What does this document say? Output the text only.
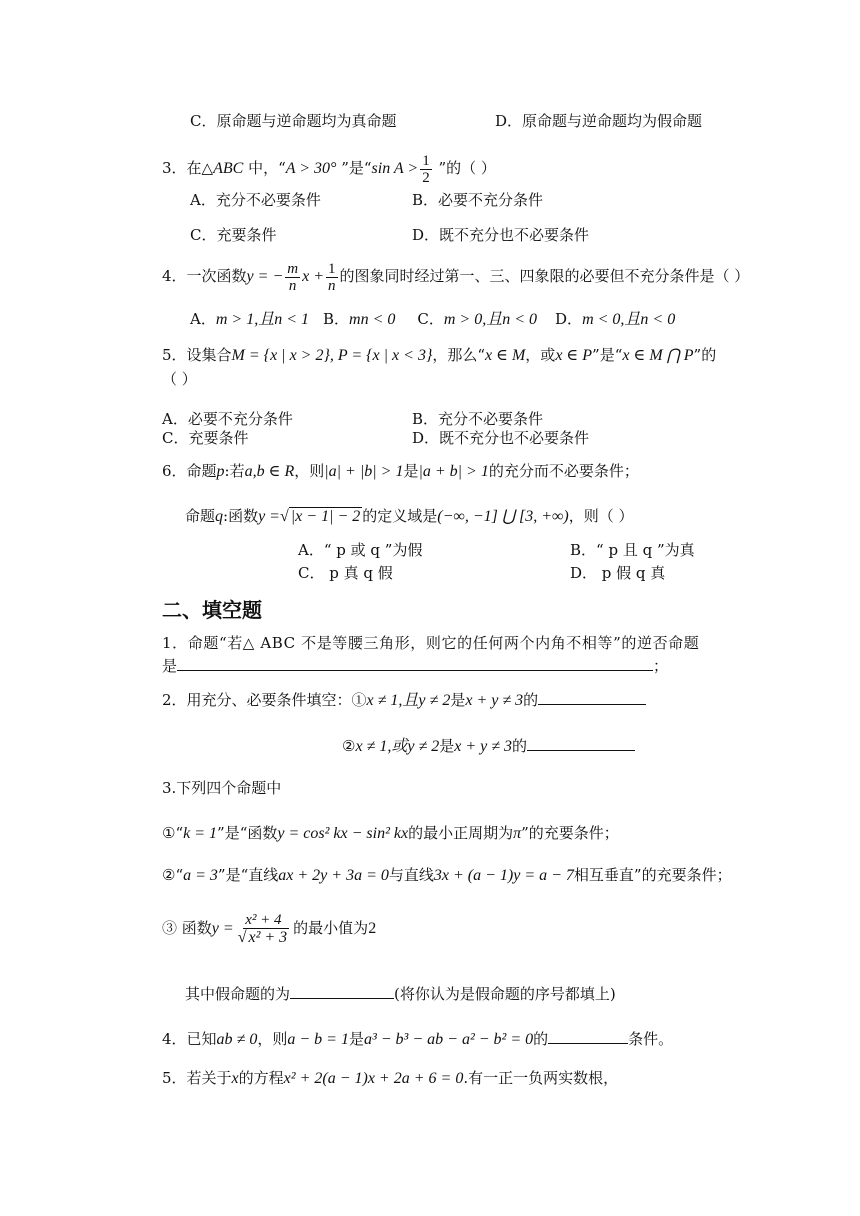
C．原命题与逆命题均为真命题	D．原命题与逆命题均为假命题
3．在△ABC 中，“A > 30° ”是“sin $A > \frac{1}{2}$ ”的（ ）
A．充分不必要条件	B．必要不充分条件
C．充要条件	D．既不充分也不必要条件
4．一次函数y = − $\frac{m}{n}$ $x + \frac{1}{n}$ 的图象同时经过第一、三、四象限的必要但不充分条件是（ ）
A．m > 1,且n < 1 B．mn < 0 C．m > 0,且n < 0 D．m < 0,且n < 0
5．设集合M = {x | x > 2}, P = {x | x < 3}，那么“x ∈ M，或x ∈ P”是“x ∈ M ⋂ P”的
（ ）
A．必要不充分条件	B．充分不必要条件
C．充要条件	D．既不充分也不必要条件
6．命题p:若a,b ∈ R，则|a| + |b| > 1是|a + b| > 1的充分而不必要条件；
命题q:函数y =√ |x − 1| − 2 的定义域是(−∞, −1] ⋃ [3, +∞)，则（ ）
A．“ p 或 q ”为假	B．“ p 且 q ”为真
C． p 真 q 假	D． p 假 q 真
二、填空题
1．命题“若△ ABC 不是等腰三角形，则它的任何两个内角不相等”的逆否命题
是	；
2．用充分、必要条件填空：①x ≠ 1,且y ≠ 2是x + y ≠ 3的
②x ≠ 1,或y ≠ 2是x + y ≠ 3的
3.下列四个命题中
①“k = 1”是“函数y = cos² kx − sin² kx的最小正周期为π”的充要条件；
②“a = 3”是“直线ax + 2y + 3a = 0与直线3x + (a − 1)y = a − 7相互垂直”的充要条件；
③ 函数$y = \frac{\text{x² + 4}}{\text{√ x² + 3}}$ 的最小值为2
其中假命题的为	(将你认为是假命题的序号都填上)
4．已知ab ≠ 0，则a − b = 1是a³ − b³ − ab − a² − b² = 0的	条件。
5．若关于x的方程x² + 2(a − 1)x + 2a + 6 = 0.有一正一负两实数根，
